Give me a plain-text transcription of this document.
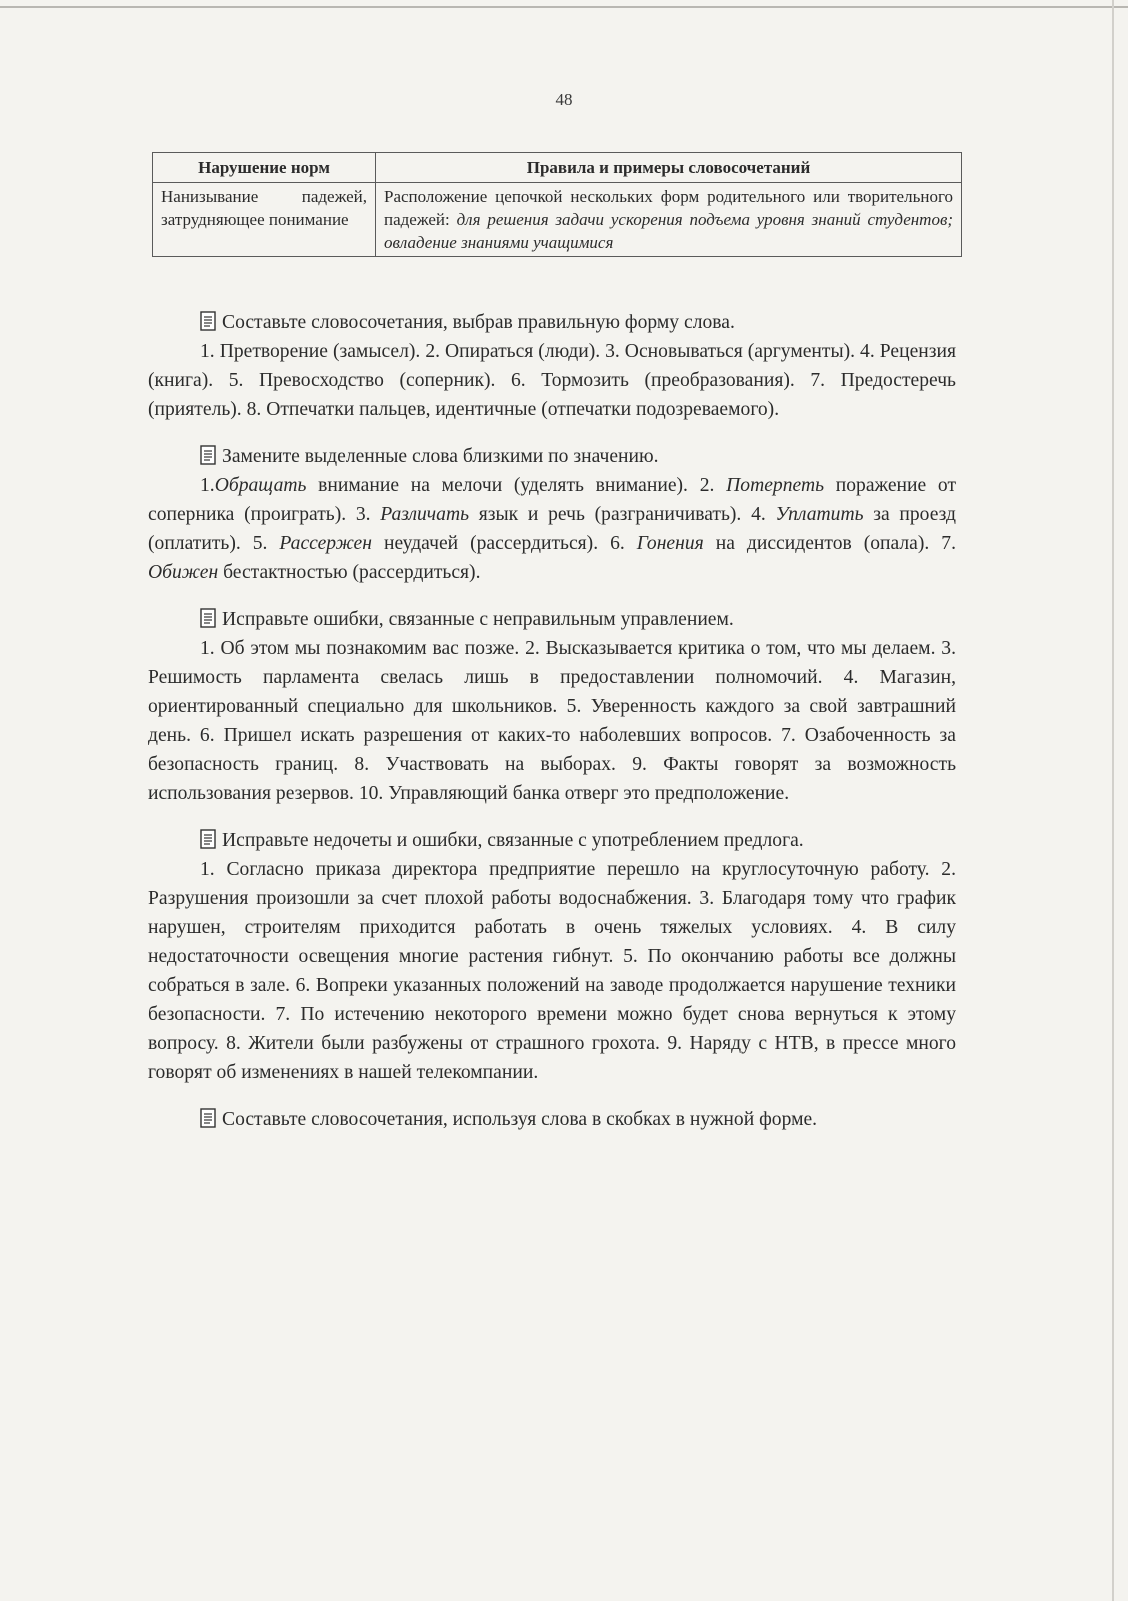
48
Нарушение норм	Правила и примеры словосочетаний
Нанизывание падежей, затрудняющее понимание	Расположение цепочкой нескольких форм родительного или творительного падежей: для решения задачи ускорения подъема уровня знаний студентов; овладение знаниями учащимися

Составьте словосочетания, выбрав правильную форму слова.

1. Претворение (замысел). 2. Опираться (люди). 3. Основываться (аргументы). 4. Рецензия (книга). 5. Превосходство (соперник). 6. Тормозить (преобразования). 7. Предостеречь (приятель). 8. Отпечатки пальцев, идентичные (отпечатки подозреваемого).

Замените выделенные слова близкими по значению.

1.Обращать внимание на мелочи (уделять внимание). 2. Потерпеть поражение от соперника (проиграть). 3. Различать язык и речь (разграничивать). 4. Уплатить за проезд (оплатить). 5. Рассержен неудачей (рассердиться). 6. Гонения на диссидентов (опала). 7. Обижен бестактностью (рассердиться).

Исправьте ошибки, связанные с неправильным управлением.

1. Об этом мы познакомим вас позже. 2. Высказывается критика о том, что мы делаем. 3. Решимость парламента свелась лишь в предоставлении полномочий. 4. Магазин, ориентированный специально для школьников. 5. Уверенность каждого за свой завтрашний день. 6. Пришел искать разрешения от каких-то наболевших вопросов. 7. Озабоченность за безопасность границ. 8. Участвовать на выборах. 9. Факты говорят за возможность использования резервов. 10. Управляющий банка отверг это предположение.

Исправьте недочеты и ошибки, связанные с употреблением предлога.

1. Согласно приказа директора предприятие перешло на круглосуточную работу. 2. Разрушения произошли за счет плохой работы водоснабжения. 3. Благодаря тому что график нарушен, строителям приходится работать в очень тяжелых условиях. 4. В силу недостаточности освещения многие растения гибнут. 5. По окончанию работы все должны собраться в зале. 6. Вопреки указанных положений на заводе продолжается нарушение техники безопасности. 7. По истечению некоторого времени можно будет снова вернуться к этому вопросу. 8. Жители были разбужены от страшного грохота. 9. Наряду с НТВ, в прессе много говорят об изменениях в нашей телекомпании.

Составьте словосочетания, используя слова в скобках в нужной форме.
